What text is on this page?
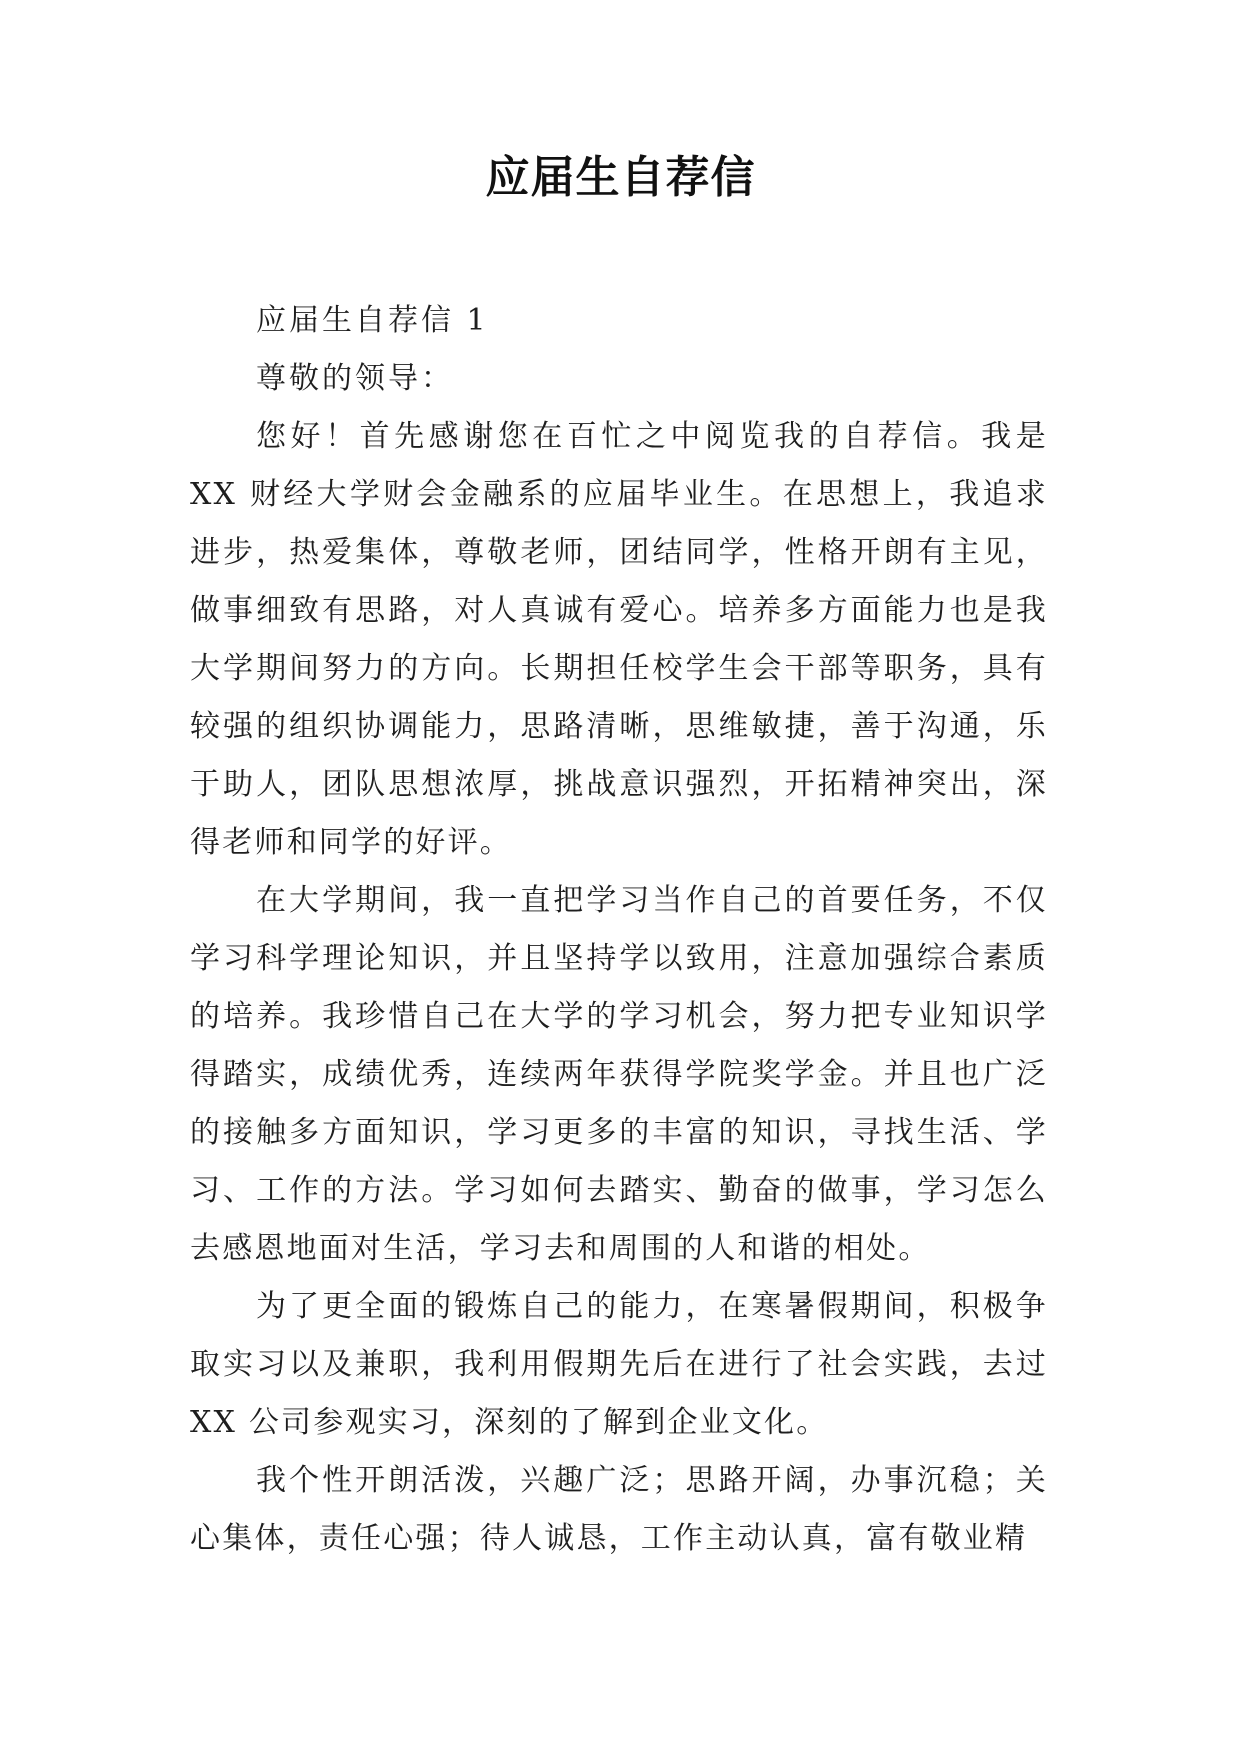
应届生自荐信

应届生自荐信 1

尊敬的领导：

您好！首先感谢您在百忙之中阅览我的自荐信。我是 XX 财经大学财会金融系的应届毕业生。在思想上，我追求进步，热爱集体，尊敬老师，团结同学，性格开朗有主见，做事细致有思路，对人真诚有爱心。培养多方面能力也是我大学期间努力的方向。长期担任校学生会干部等职务，具有较强的组织协调能力，思路清晰，思维敏捷，善于沟通，乐于助人，团队思想浓厚，挑战意识强烈，开拓精神突出，深得老师和同学的好评。

在大学期间，我一直把学习当作自己的首要任务，不仅学习科学理论知识，并且坚持学以致用，注意加强综合素质的培养。我珍惜自己在大学的学习机会，努力把专业知识学得踏实，成绩优秀，连续两年获得学院奖学金。并且也广泛的接触多方面知识，学习更多的丰富的知识，寻找生活、学习、工作的方法。学习如何去踏实、勤奋的做事，学习怎么去感恩地面对生活，学习去和周围的人和谐的相处。

为了更全面的锻炼自己的能力，在寒暑假期间，积极争取实习以及兼职，我利用假期先后在进行了社会实践，去过 XX 公司参观实习，深刻的了解到企业文化。

我个性开朗活泼，兴趣广泛；思路开阔，办事沉稳；关心集体，责任心强；待人诚恳，工作主动认真，富有敬业精
